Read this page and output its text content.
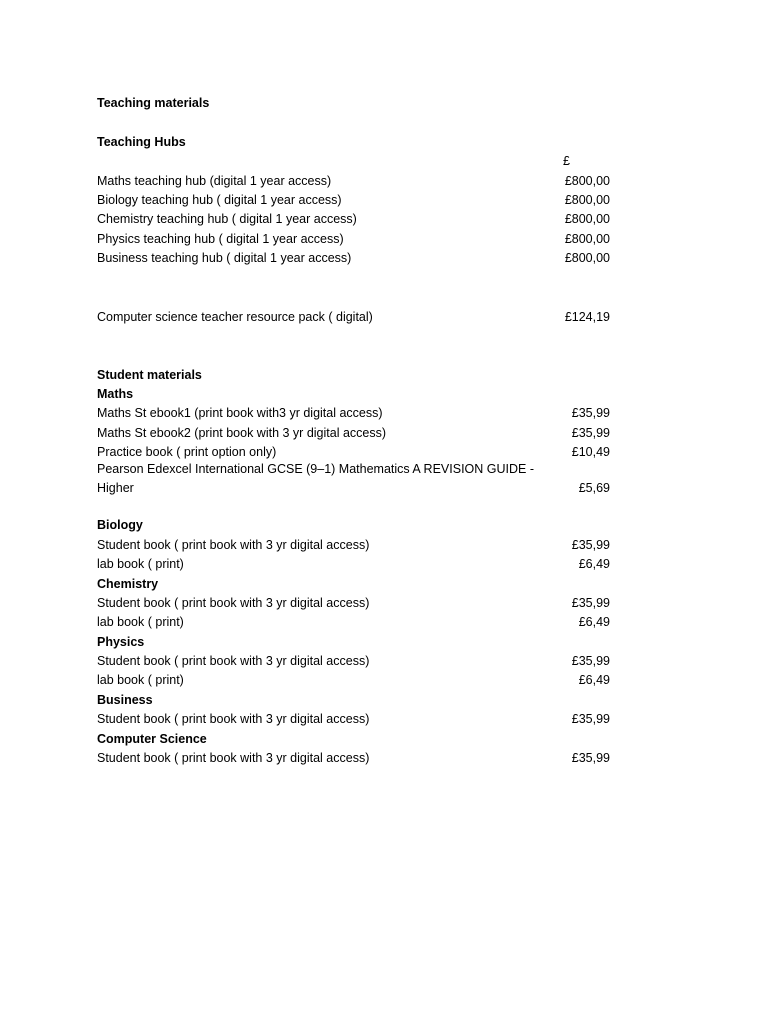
Teaching materials
Teaching Hubs
£
Maths teaching hub (digital 1 year access)	£800,00
Biology teaching hub ( digital 1 year access)	£800,00
Chemistry teaching hub ( digital 1 year access)	£800,00
Physics teaching hub ( digital 1 year access)	£800,00
Business teaching hub ( digital 1 year access)	£800,00
Computer science teacher resource pack ( digital)	£124,19
Student materials
Maths
Maths St ebook1 (print book with3 yr digital access)	£35,99
Maths St ebook2 (print book with 3 yr digital access)	£35,99
Practice book ( print option only)	£10,49
Pearson Edexcel International GCSE (9–1) Mathematics A REVISION GUIDE - Higher	£5,69
Biology
Student book ( print book with 3 yr digital access)	£35,99
lab book ( print)	£6,49
Chemistry
Student book ( print book with 3 yr digital access)	£35,99
lab book ( print)	£6,49
Physics
Student book ( print book with 3 yr digital access)	£35,99
lab book ( print)	£6,49
Business
Student book ( print book with 3 yr digital access)	£35,99
Computer Science
Student book ( print book with 3 yr digital access)	£35,99
